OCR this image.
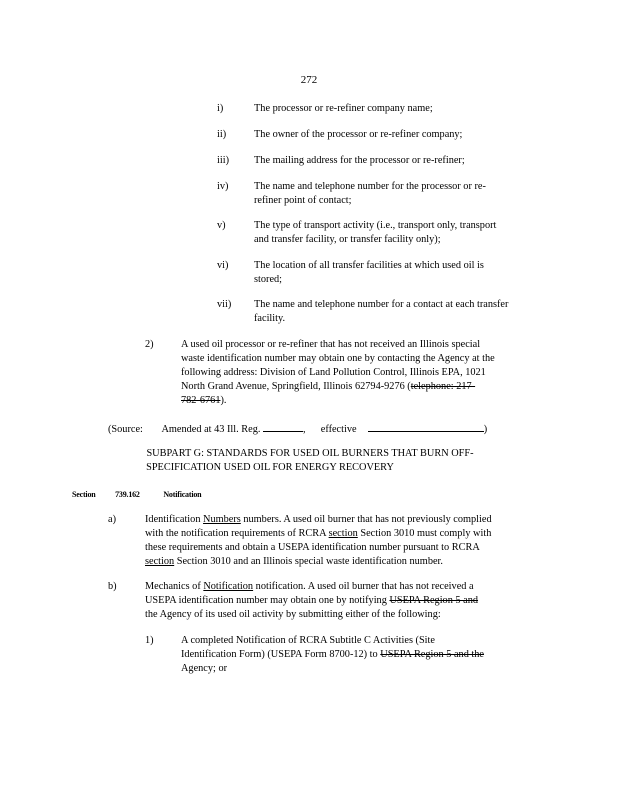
272
i)	The processor or re-refiner company name;
ii)	The owner of the processor or re-refiner company;
iii) The mailing address for the processor or re-refiner;
iv) The name and telephone number for the processor or re-
refiner point of contact;
v)	The type of transport activity (i.e., transport only, transport
and transfer facility, or transfer facility only);
vi) The location of all transfer facilities at which used oil is
stored;
vii) The name and telephone number for a contact at each transfer
facility.
2)	A used oil processor or re-refiner that has not received an Illinois special
waste identification number may obtain one by contacting the Agency at the
following address: Division of Land Pollution Control, Illinois EPA, 1021
North Grand Avenue, Springfield, Illinois 62794-9276 (telephone: 217-
782-6761).
(Source: Amended at 43 Ill. Reg.	, effective	)
SUBPART G: STANDARDS FOR USED OIL BURNERS THAT BURN OFF-
SPECIFICATION USED OIL FOR ENERGY RECOVERY
Section 739.162	Notification
a)	Identification Numbers numbers. A used oil burner that has not previously complied
with the notification requirements of RCRA section Section 3010 must comply with
these requirements and obtain a USEPA identification number pursuant to RCRA
section Section 3010 and an Illinois special waste identification number.
b)	Mechanics of Notification notification. A used oil burner that has not received a
USEPA identification number may obtain one by notifying USEPA Region 5 and
the Agency of its used oil activity by submitting either of the following:
1)	A completed Notification of RCRA Subtitle C Activities (Site
Identification Form) (USEPA Form 8700-12) to USEPA Region 5 and the
Agency; or
